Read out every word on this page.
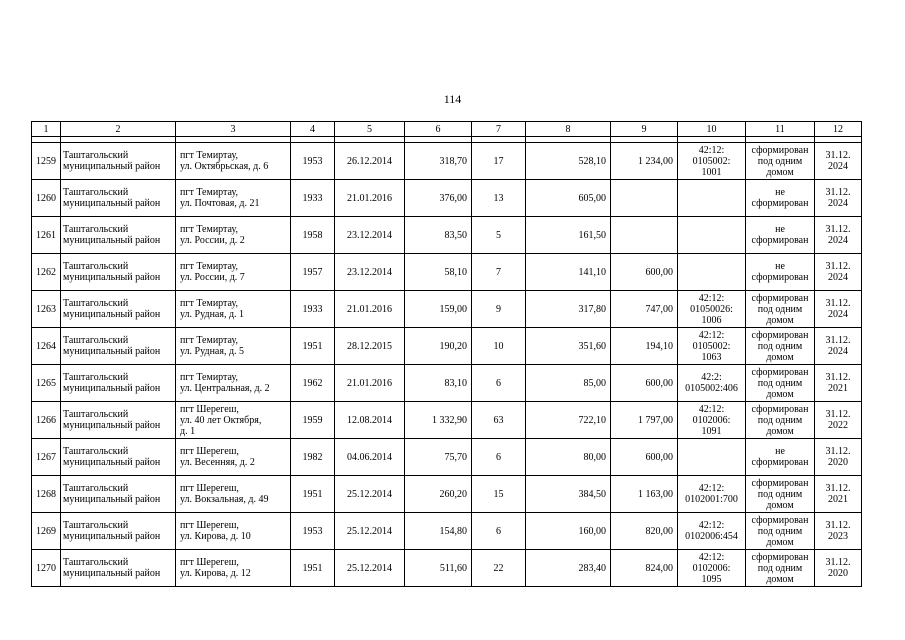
114
1	2	3	4	5	6	7	8	9	10	11	12

1259	Таштагольский муниципальный район	пгт Темиртау,
ул. Октябрьская, д. 6	1953	26.12.2014	318,70	17	528,10	1 234,00	42:12:
0105002:
1001	сформирован
под одним
домом	31.12.
2024
1260	Таштагольский муниципальный район	пгт Темиртау,
ул. Почтовая, д. 21	1933	21.01.2016	376,00	13	605,00			не
сформирован	31.12.
2024
1261	Таштагольский муниципальный район	пгт Темиртау,
ул. России, д. 2	1958	23.12.2014	83,50	5	161,50			не
сформирован	31.12.
2024
1262	Таштагольский муниципальный район	пгт Темиртау,
ул. России, д. 7	1957	23.12.2014	58,10	7	141,10	600,00		не
сформирован	31.12.
2024
1263	Таштагольский муниципальный район	пгт Темиртау,
ул. Рудная, д. 1	1933	21.01.2016	159,00	9	317,80	747,00	42:12:
01050026:
1006	сформирован
под одним
домом	31.12.
2024
1264	Таштагольский муниципальный район	пгт Темиртау,
ул. Рудная, д. 5	1951	28.12.2015	190,20	10	351,60	194,10	42:12:
0105002:
1063	сформирован
под одним
домом	31.12.
2024
1265	Таштагольский муниципальный район	пгт Темиртау,
ул. Центральная, д. 2	1962	21.01.2016	83,10	6	85,00	600,00	42:2:
0105002:406	сформирован
под одним
домом	31.12.
2021
1266	Таштагольский муниципальный район	пгт Шерегеш,
ул. 40 лет Октября,
д. 1	1959	12.08.2014	1 332,90	63	722,10	1 797,00	42:12:
0102006:
1091	сформирован
под одним
домом	31.12.
2022
1267	Таштагольский муниципальный район	пгт Шерегеш,
ул. Весенняя, д. 2	1982	04.06.2014	75,70	6	80,00	600,00		не
сформирован	31.12.
2020
1268	Таштагольский муниципальный район	пгт Шерегеш,
ул. Вокзальная, д. 49	1951	25.12.2014	260,20	15	384,50	1 163,00	42:12:
0102001:700	сформирован
под одним
домом	31.12.
2021
1269	Таштагольский муниципальный район	пгт Шерегеш,
ул. Кирова, д. 10	1953	25.12.2014	154,80	6	160,00	820,00	42:12:
0102006:454	сформирован
под одним
домом	31.12.
2023
1270	Таштагольский муниципальный район	пгт Шерегеш,
ул. Кирова, д. 12	1951	25.12.2014	511,60	22	283,40	824,00	42:12:
0102006:
1095	сформирован
под одним
домом	31.12.
2020
